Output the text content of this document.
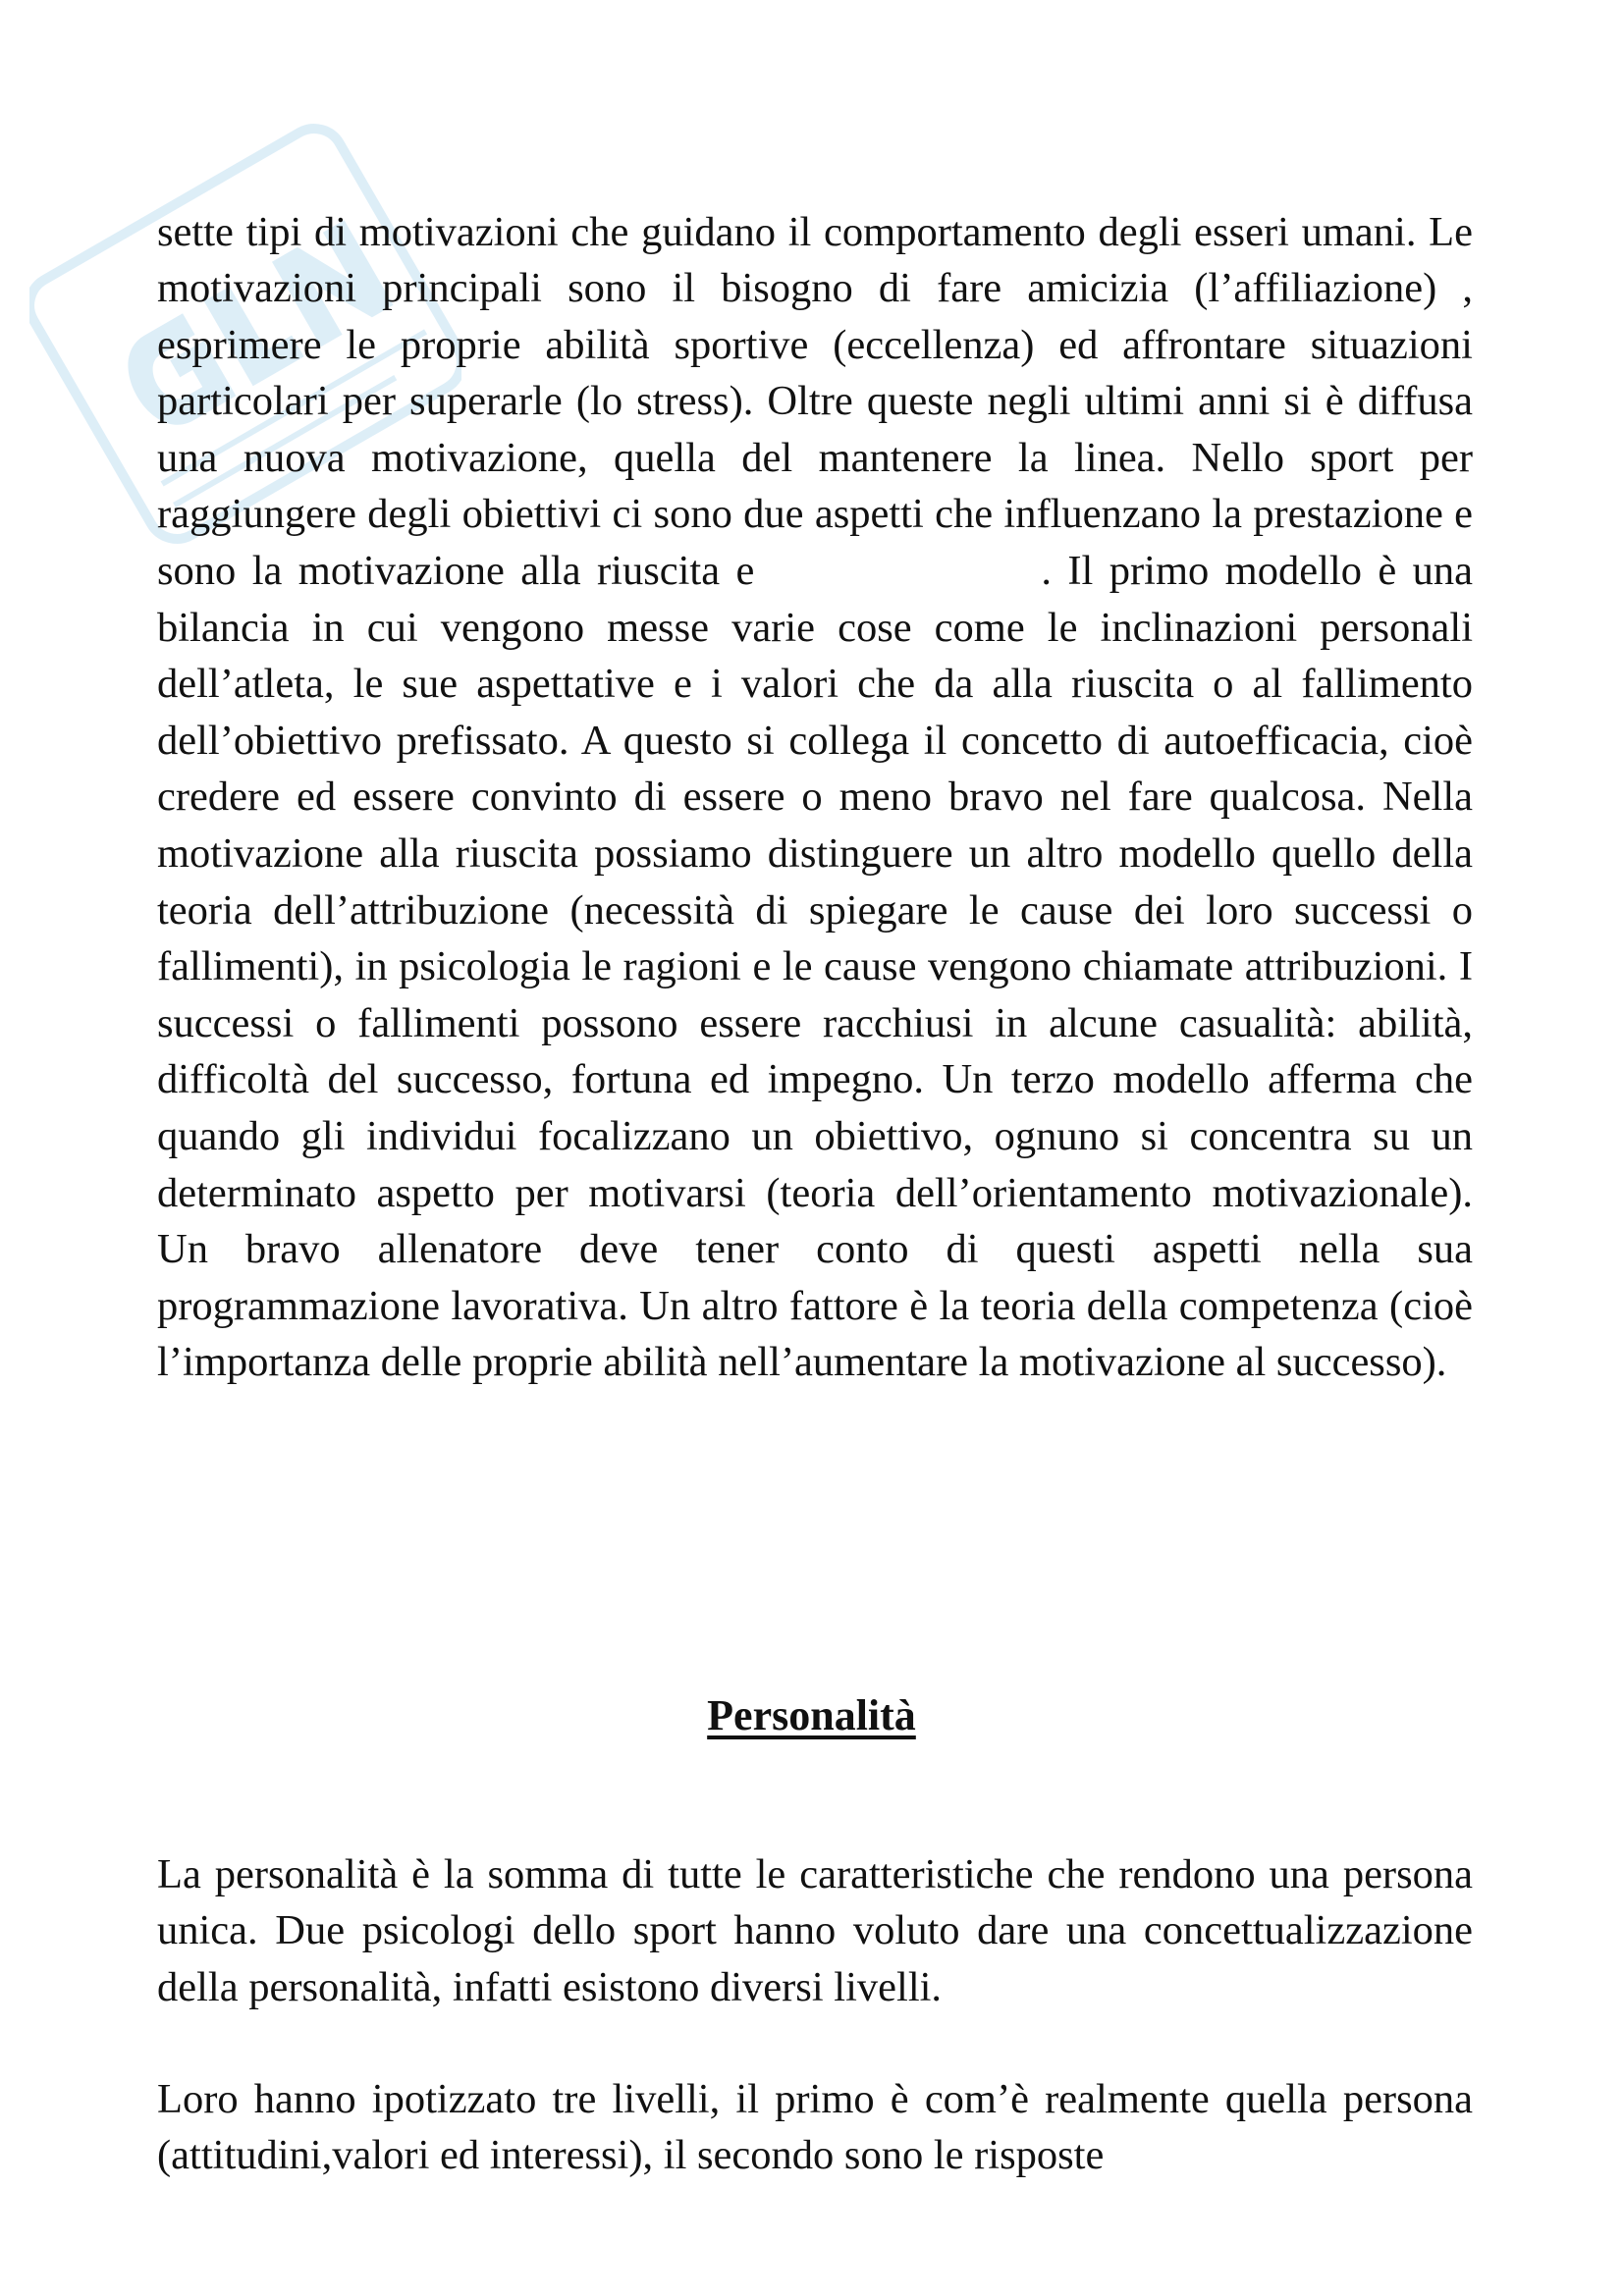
sette tipi di motivazioni che guidano il comportamento degli esseri umani. Le motivazioni principali sono il bisogno di fare amicizia (l’affiliazione) , esprimere le proprie abilità sportive (eccellenza) ed affrontare situazioni particolari per superarle (lo stress). Oltre queste negli ultimi anni si è diffusa una nuova motivazione, quella del mantenere la linea. Nello sport per raggiungere degli obiettivi ci sono due aspetti che influenzano la prestazione e sono la motivazione alla riuscita e	. Il primo modello è una bilancia in cui vengono messe varie cose come le inclinazioni personali dell’atleta, le sue aspettative e i valori che da alla riuscita o al fallimento dell’obiettivo prefissato. A questo si collega il concetto di autoefficacia, cioè credere ed essere convinto di essere o meno bravo nel fare qualcosa. Nella motivazione alla riuscita possiamo distinguere un altro modello quello della teoria dell’attribuzione (necessità di spiegare le cause dei loro successi o fallimenti), in psicologia le ragioni e le cause vengono chiamate attribuzioni. I successi o fallimenti possono essere racchiusi in alcune casualità: abilità, difficoltà del successo, fortuna ed impegno. Un terzo modello afferma che quando gli individui focalizzano un obiettivo, ognuno si concentra su un determinato aspetto per motivarsi (teoria dell’orientamento motivazionale). Un bravo allenatore deve tener conto di questi aspetti nella sua programmazione lavorativa. Un altro fattore è la teoria della competenza (cioè l’importanza delle proprie abilità nell’aumentare la motivazione al successo).

Personalità

La personalità è la somma di tutte le caratteristiche che rendono una persona unica. Due psicologi dello sport hanno voluto dare una concettualizzazione della personalità, infatti esistono diversi livelli.

Loro hanno ipotizzato tre livelli, il primo è com’è realmente quella persona (attitudini,valori ed interessi), il secondo sono le risposte
